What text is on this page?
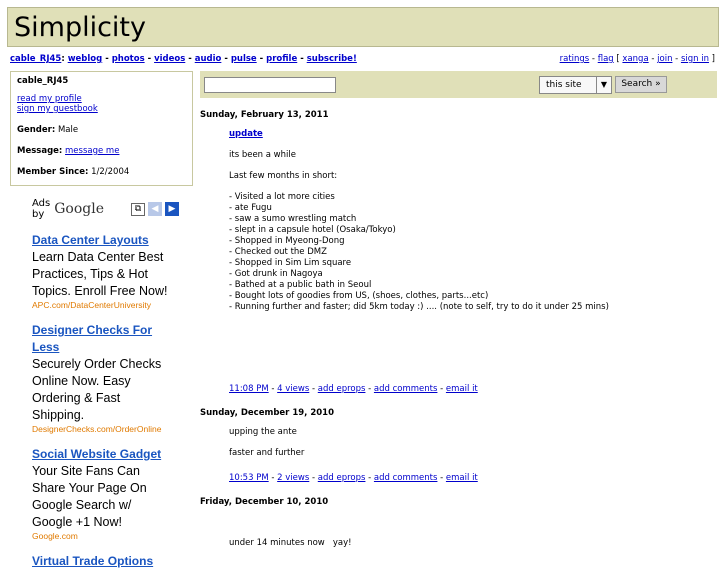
Simplicity
cable_RJ45: weblog - photos - videos - audio - pulse - profile - subscribe!	ratings - flag [ xanga - join - sign in ]
cable_RJ45
read my profile
sign my guestbook
Gender: Male
Message: message me
Member Since: 1/2/2004
Ads by Google	⧉	◀	▶
Data Center Layouts
Learn Data Center Best Practices, Tips & Hot Topics. Enroll Free Now!
APC.com/DataCenterUniversity
Designer Checks For Less
Securely Order Checks Online Now. Easy Ordering & Fast Shipping.
DesignerChecks.com/OrderOnline
Social Website Gadget
Your Site Fans Can Share Your Page On Google Search w/ Google +1 Now!
Google.com
Virtual Trade Options
this site	▼	Search »
Sunday, February 13, 2011
update
its been a while
Last few months in short:
- Visited a lot more cities
- ate Fugu
- saw a sumo wrestling match
- slept in a capsule hotel (Osaka/Tokyo)
- Shopped in Myeong-Dong
- Checked out the DMZ
- Shopped in Sim Lim square
- Got drunk in Nagoya
- Bathed at a public bath in Seoul
- Bought lots of goodies from US, (shoes, clothes, parts...etc)
- Running further and faster; did 5km today :) .... (note to self, try to do it under 25 mins)
11:08 PM - 4 views - add eprops - add comments - email it
Sunday, December 19, 2010
upping the ante
faster and further
10:53 PM - 2 views - add eprops - add comments - email it
Friday, December 10, 2010

under 14 minutes now   yay!
